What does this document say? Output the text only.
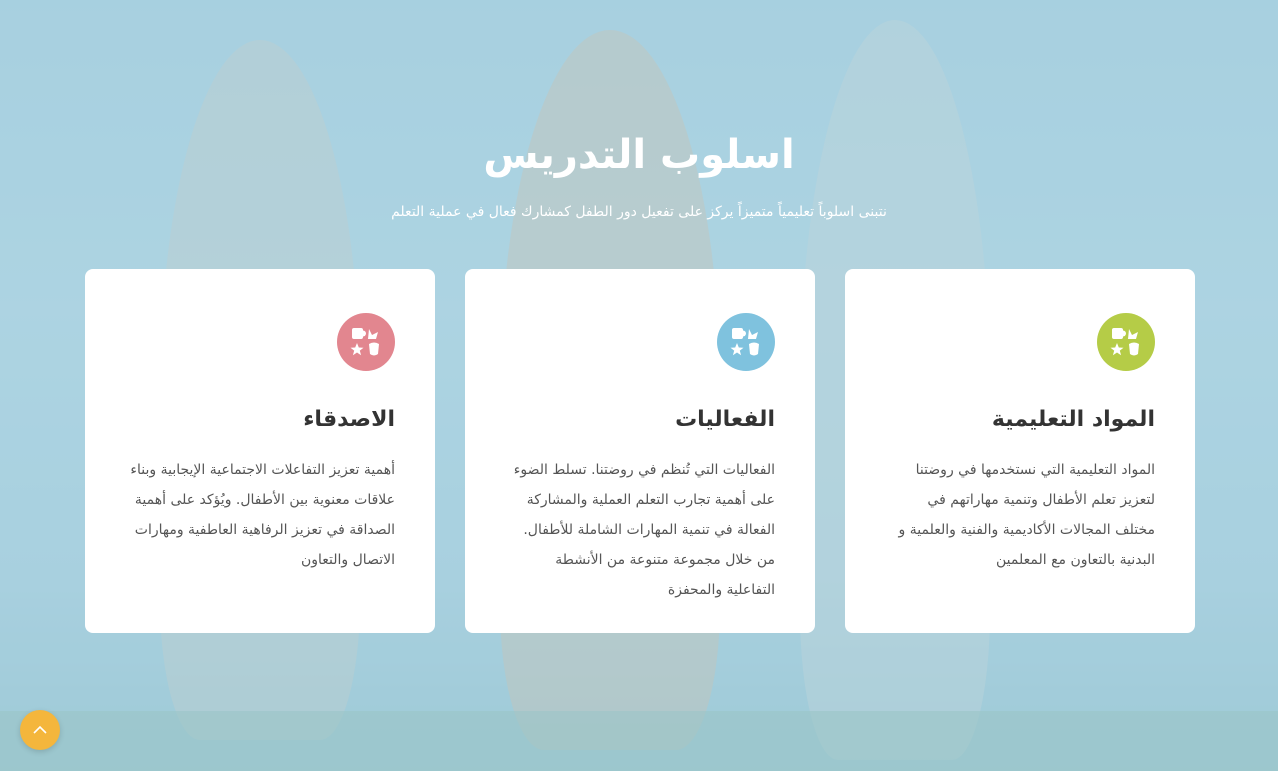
اسلوب التدريس

نتبنى اسلوباً تعليمياً متميزاً يركز على تفعيل دور الطفل كمشارك فعال في عملية التعلم

المواد التعليمية

المواد التعليمية التي نستخدمها في روضتنا لتعزيز تعلم الأطفال وتنمية مهاراتهم في مختلف المجالات الأكاديمية والفنية والعلمية و البدنية بالتعاون مع المعلمين

الفعاليات

الفعاليات التي تُنظم في روضتنا. تسلط الضوء على أهمية تجارب التعلم العملية والمشاركة الفعالة في تنمية المهارات الشاملة للأطفال. من خلال مجموعة متنوعة من الأنشطة التفاعلية والمحفزة

الاصدقاء

أهمية تعزيز التفاعلات الاجتماعية الإيجابية وبناء علاقات معنوية بين الأطفال. ويُؤكد على أهمية الصداقة في تعزيز الرفاهية العاطفية ومهارات الاتصال والتعاون
